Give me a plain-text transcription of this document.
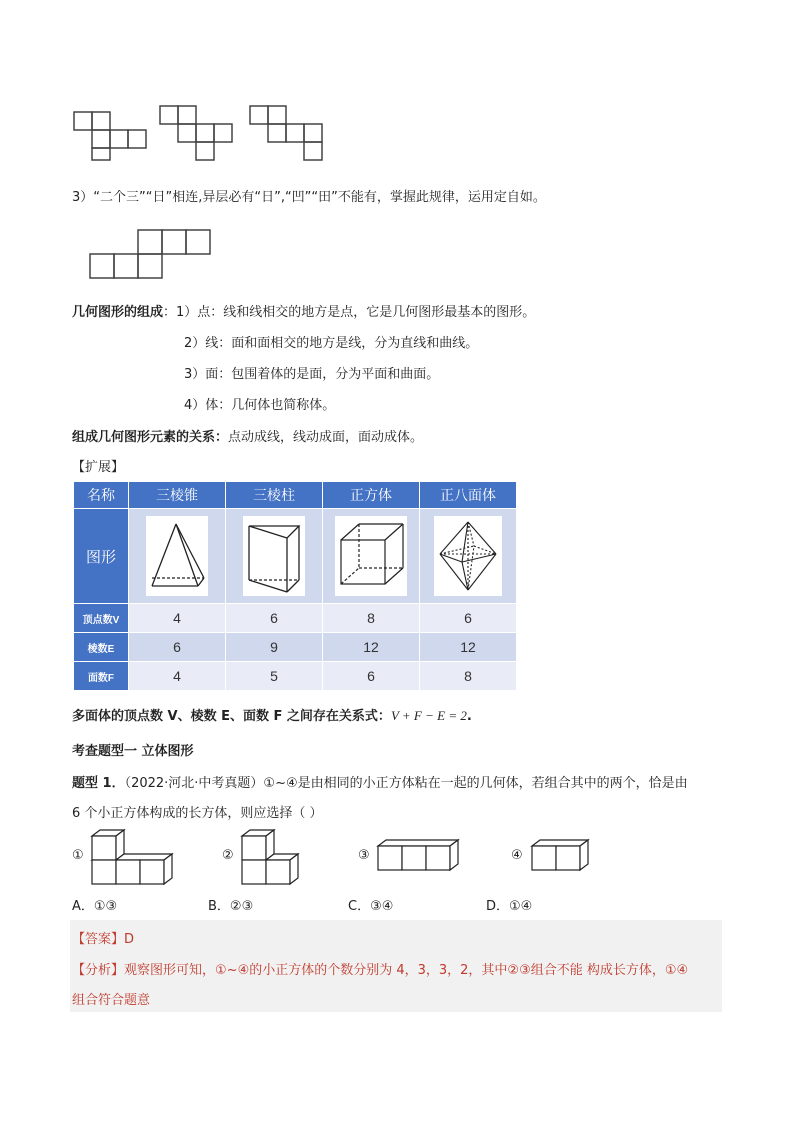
3）“二个三”“日”相连,异层必有“日”,“凹”“田”不能有，掌握此规律，运用定自如。
几何图形的组成：1）点：线和线相交的地方是点，它是几何图形最基本的图形。
2）线：面和面相交的地方是线，分为直线和曲线。
3）面：包围着体的是面，分为平面和曲面。
4）体：几何体也简称体。
组成几何图形元素的关系：点动成线，线动成面，面动成体。
【扩展】
名称	三棱锥	三棱柱	正方体	正八面体
图形	

顶点数V	4	6	8	6
棱数E	6	9	12	12
面数F	4	5	6	8
多面体的顶点数 V、棱数 E、面数 F 之间存在关系式：V + F − E = 2.
考查题型一 立体图形
题型 1．（2022·河北·中考真题）①~④是由相同的小正方体粘在一起的几何体，若组合其中的两个，恰是由
6 个小正方体构成的长方体，则应选择（ ）
①	②	③	④
A．①③	B．②③	C．③④	D．①④
【答案】D
【分析】观察图形可知，①~④的小正方体的个数分别为 4，3，3，2，其中②③组合不能 构成长方体，①④
组合符合题意
